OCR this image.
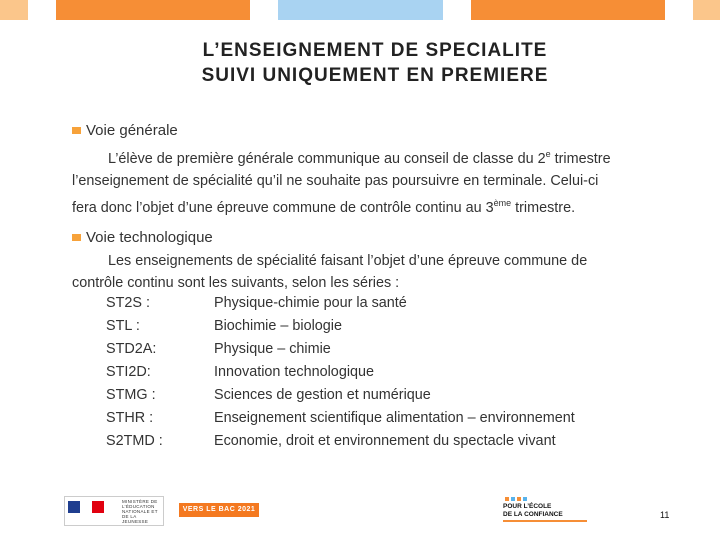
L’ENSEIGNEMENT DE SPECIALITE
SUIVI UNIQUEMENT EN PREMIERE
Voie générale
L’élève de première générale communique au conseil de classe du 2e trimestre
l’enseignement de spécialité qu’il ne souhaite pas poursuivre en terminale. Celui-ci
fera donc l’objet d’une épreuve commune de contrôle continu au 3ème trimestre.
Voie technologique
Les enseignements de spécialité faisant l’objet d’une épreuve commune de
contrôle continu sont les suivants, selon les séries :
ST2S :	Physique-chimie pour la santé
STL :	Biochimie – biologie
STD2A:	Physique – chimie
STI2D:	Innovation technologique
STMG :	Sciences de gestion et numérique
STHR :	Enseignement scientifique alimentation – environnement
S2TMD :	Economie, droit et environnement du spectacle vivant
MINISTÈRE DE L’ÉDUCATION NATIONALE ET DE LA JEUNESSE
VERS LE BAC 2021	POUR L’ÉCOLE
DE LA CONFIANCE	11
